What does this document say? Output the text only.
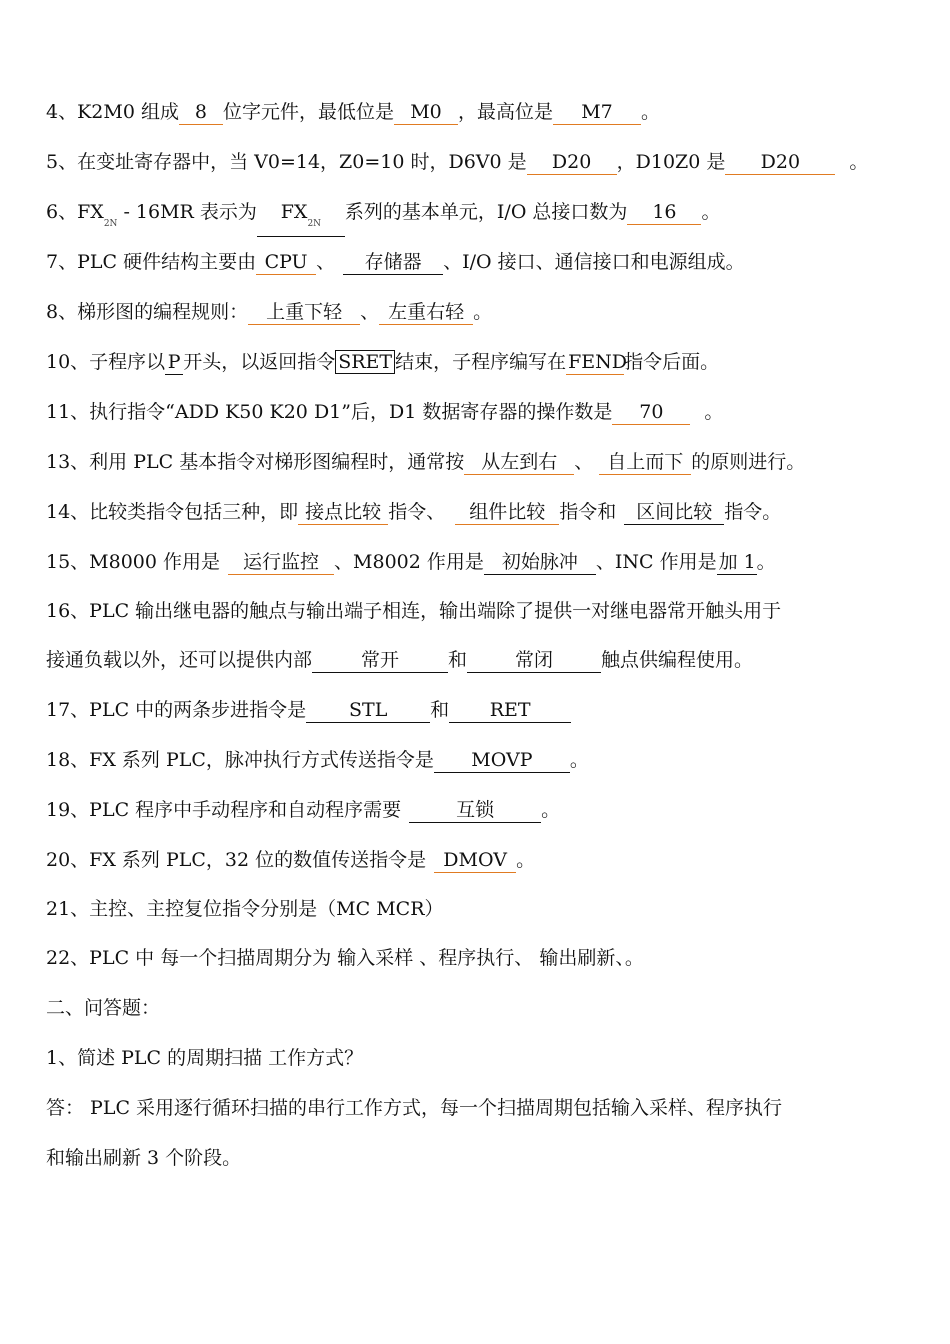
4、K2M0 组成 8 位字元件，最低位是 M0 ，最高位是 M7 。
5、在变址寄存器中，当 V0=14，Z0=10 时，D6V0 是 D20 ，D10Z0 是 D20	。
6、$FX_{2N} - 16MR$ 表示为 $FX_{2N}$系列的基本单元，I/O 总接口数为 16 。
7、PLC 硬件结构主要由 CPU 、 存储器 、I/O 接口、通信接口和电源组成。
8、梯形图的编程规则： 上重下轻 、 左重右轻 。
10、子程序以 P 开头，以返回指令 SRET 结束，子程序编写在 FEND指令后面。
11、执行指令“ADD K50 K20 D1”后，D1 数据寄存器的操作数是 70 。
13、利用 PLC 基本指令对梯形图编程时，通常按 从左到右 、 自上而下 的原则进行。
14、比较类指令包括三种，即 接点比较 指令、 组件比较 指令和 区间比较 指令。
15、M8000 作用是 运行监控 、M8002 作用是 初始脉冲 、INC 作用是 加 1。
16、PLC 输出继电器的触点与输出端子相连，输出端除了提供一对继电器常开触头用于
接通负载以外，还可以提供内部	常开	和	常闭	触点供编程使用。
17、PLC 中的两条步进指令是 STL 和 RET
18、FX 系列 PLC，脉冲执行方式传送指令是 MOVP 。
19、PLC 程序中手动程序和自动程序需要	互锁 。
20、FX 系列 PLC，32 位的数值传送指令是 DMOV 。
21、主控、主控复位指令分别是（MC MCR）
22、PLC 中 每一个扫描周期分为 输入采样 、程序执行、 输出刷新、。
二、问答题：
1、简述 PLC 的周期扫描 工作方式？
答： PLC 采用逐行循环扫描的串行工作方式，每一个扫描周期包括输入采样、程序执行
和输出刷新 3 个阶段。
